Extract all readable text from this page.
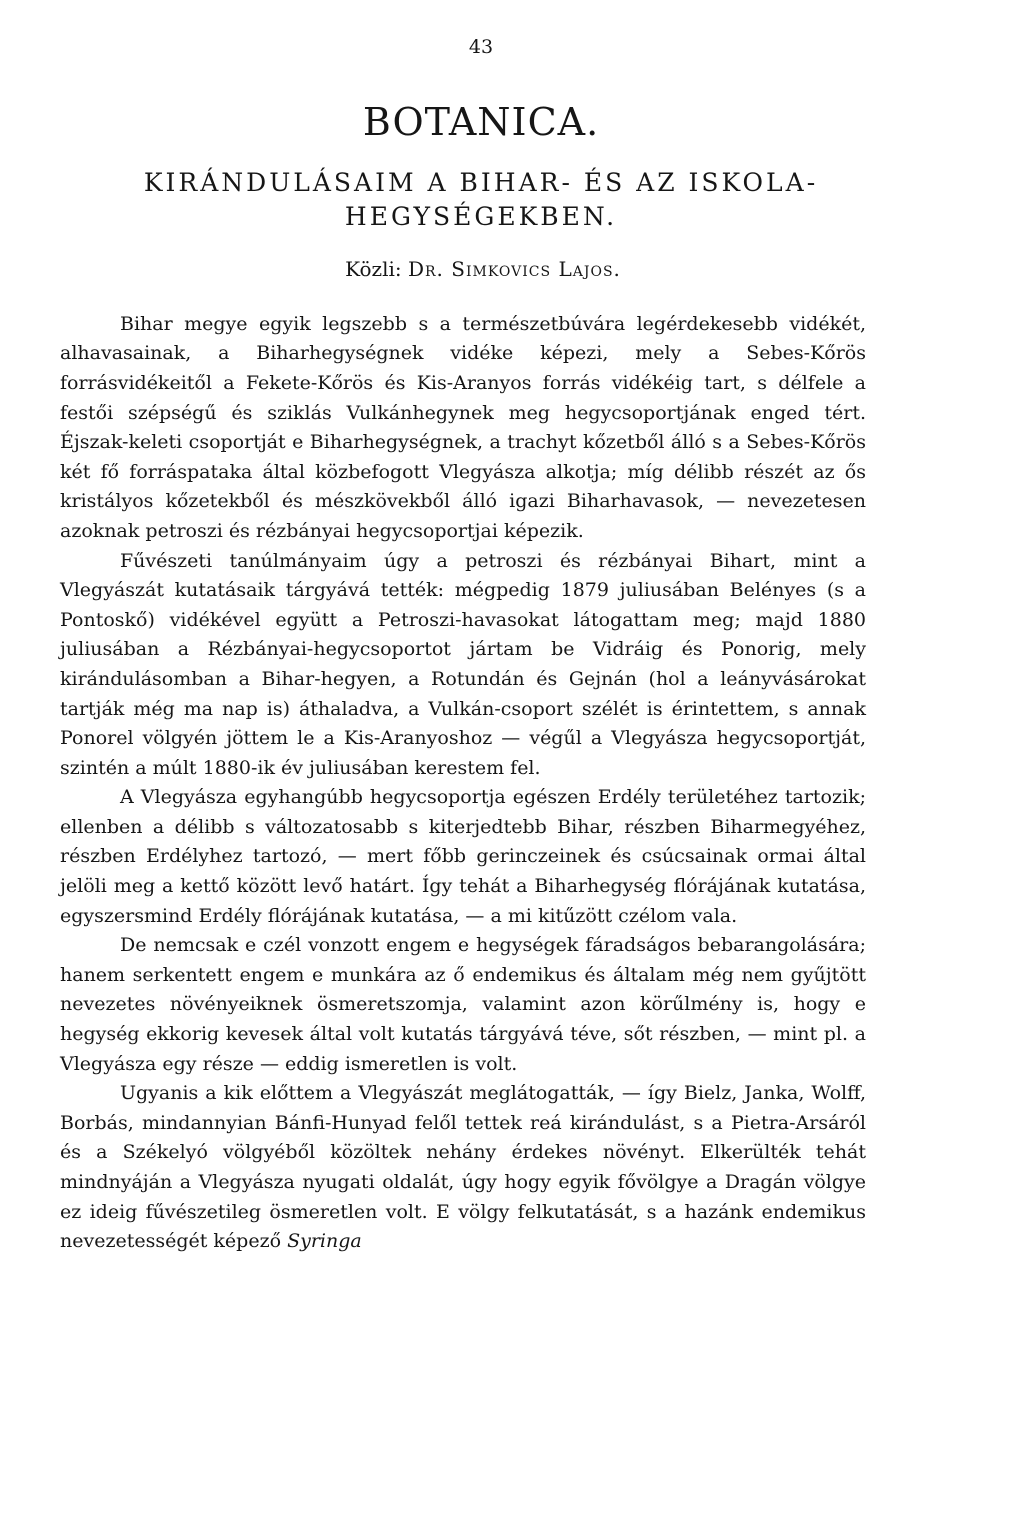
43
BOTANICA.
KIRÁNDULÁSAIM A BIHAR- ÉS AZ ISKOLA-
HEGYSÉGEKBEN.
Közli: Dr. Simkovics Lajos.

Bihar megye egyik legszebb s a természetbúvára legérdekesebb vidékét, alhavasainak, a Biharhegységnek vidéke képezi, mely a Sebes-Kőrös forrásvidékeitől a Fekete-Kőrös és Kis-Aranyos forrás vidékéig tart, s délfele a festői szépségű és sziklás Vulkánhegynek meg hegycsoportjának enged tért. Éjszak-keleti csoportját e Biharhegységnek, a trachyt kőzetből álló s a Sebes-Kőrös két fő forráspataka által közbefogott Vlegyásza alkotja; míg délibb részét az ős kristályos kőzetekből és mészkövekből álló igazi Biharhavasok, — nevezetesen azoknak petroszi és rézbányai hegycsoportjai képezik.

Fűvészeti tanúlmányaim úgy a petroszi és rézbányai Bihart, mint a Vlegyászát kutatásaik tárgyává tették: mégpedig 1879 juliusában Belényes (s a Pontoskő) vidékével együtt a Petroszi-havasokat látogattam meg; majd 1880 juliusában a Rézbányai-hegycsoportot jártam be Vidráig és Ponorig, mely kirándulásomban a Bihar-hegyen, a Rotundán és Gejnán (hol a leányvásárokat tartják még ma nap is) áthaladva, a Vulkán-csoport szélét is érintettem, s annak Ponorel völgyén jöttem le a Kis-Aranyoshoz — végűl a Vlegyásza hegycsoportját, szintén a múlt 1880-ik év juliusában kerestem fel.

A Vlegyásza egyhangúbb hegycsoportja egészen Erdély területéhez tartozik; ellenben a délibb s változatosabb s kiterjedtebb Bihar, részben Biharmegyéhez, részben Erdélyhez tartozó, — mert főbb gerinczeinek és csúcsainak ormai által jelöli meg a kettő között levő határt. Így tehát a Biharhegység flórájának kutatása, egyszersmind Erdély flórájának kutatása, — a mi kitűzött czélom vala.

De nemcsak e czél vonzott engem e hegységek fáradságos bebarangolására; hanem serkentett engem e munkára az ő endemikus és általam még nem gyűjtött nevezetes növényeiknek ösmeretszomja, valamint azon körűlmény is, hogy e hegység ekkorig kevesek által volt kutatás tárgyává téve, sőt részben, — mint pl. a Vlegyásza egy része — eddig ismeretlen is volt.

Ugyanis a kik előttem a Vlegyászát meglátogatták, — így Bielz, Janka, Wolff, Borbás, mindannyian Bánfi-Hunyad felől tettek reá kirándulást, s a Pietra-Arsáról és a Székelyó völgyéből közöltek nehány érdekes növényt. Elkerülték tehát mindnyáján a Vlegyásza nyugati oldalát, úgy hogy egyik fővölgye a Dragán völgye ez ideig fűvészetileg ösmeretlen volt. E völgy felkutatását, s a hazánk endemikus nevezetességét képező Syringa
